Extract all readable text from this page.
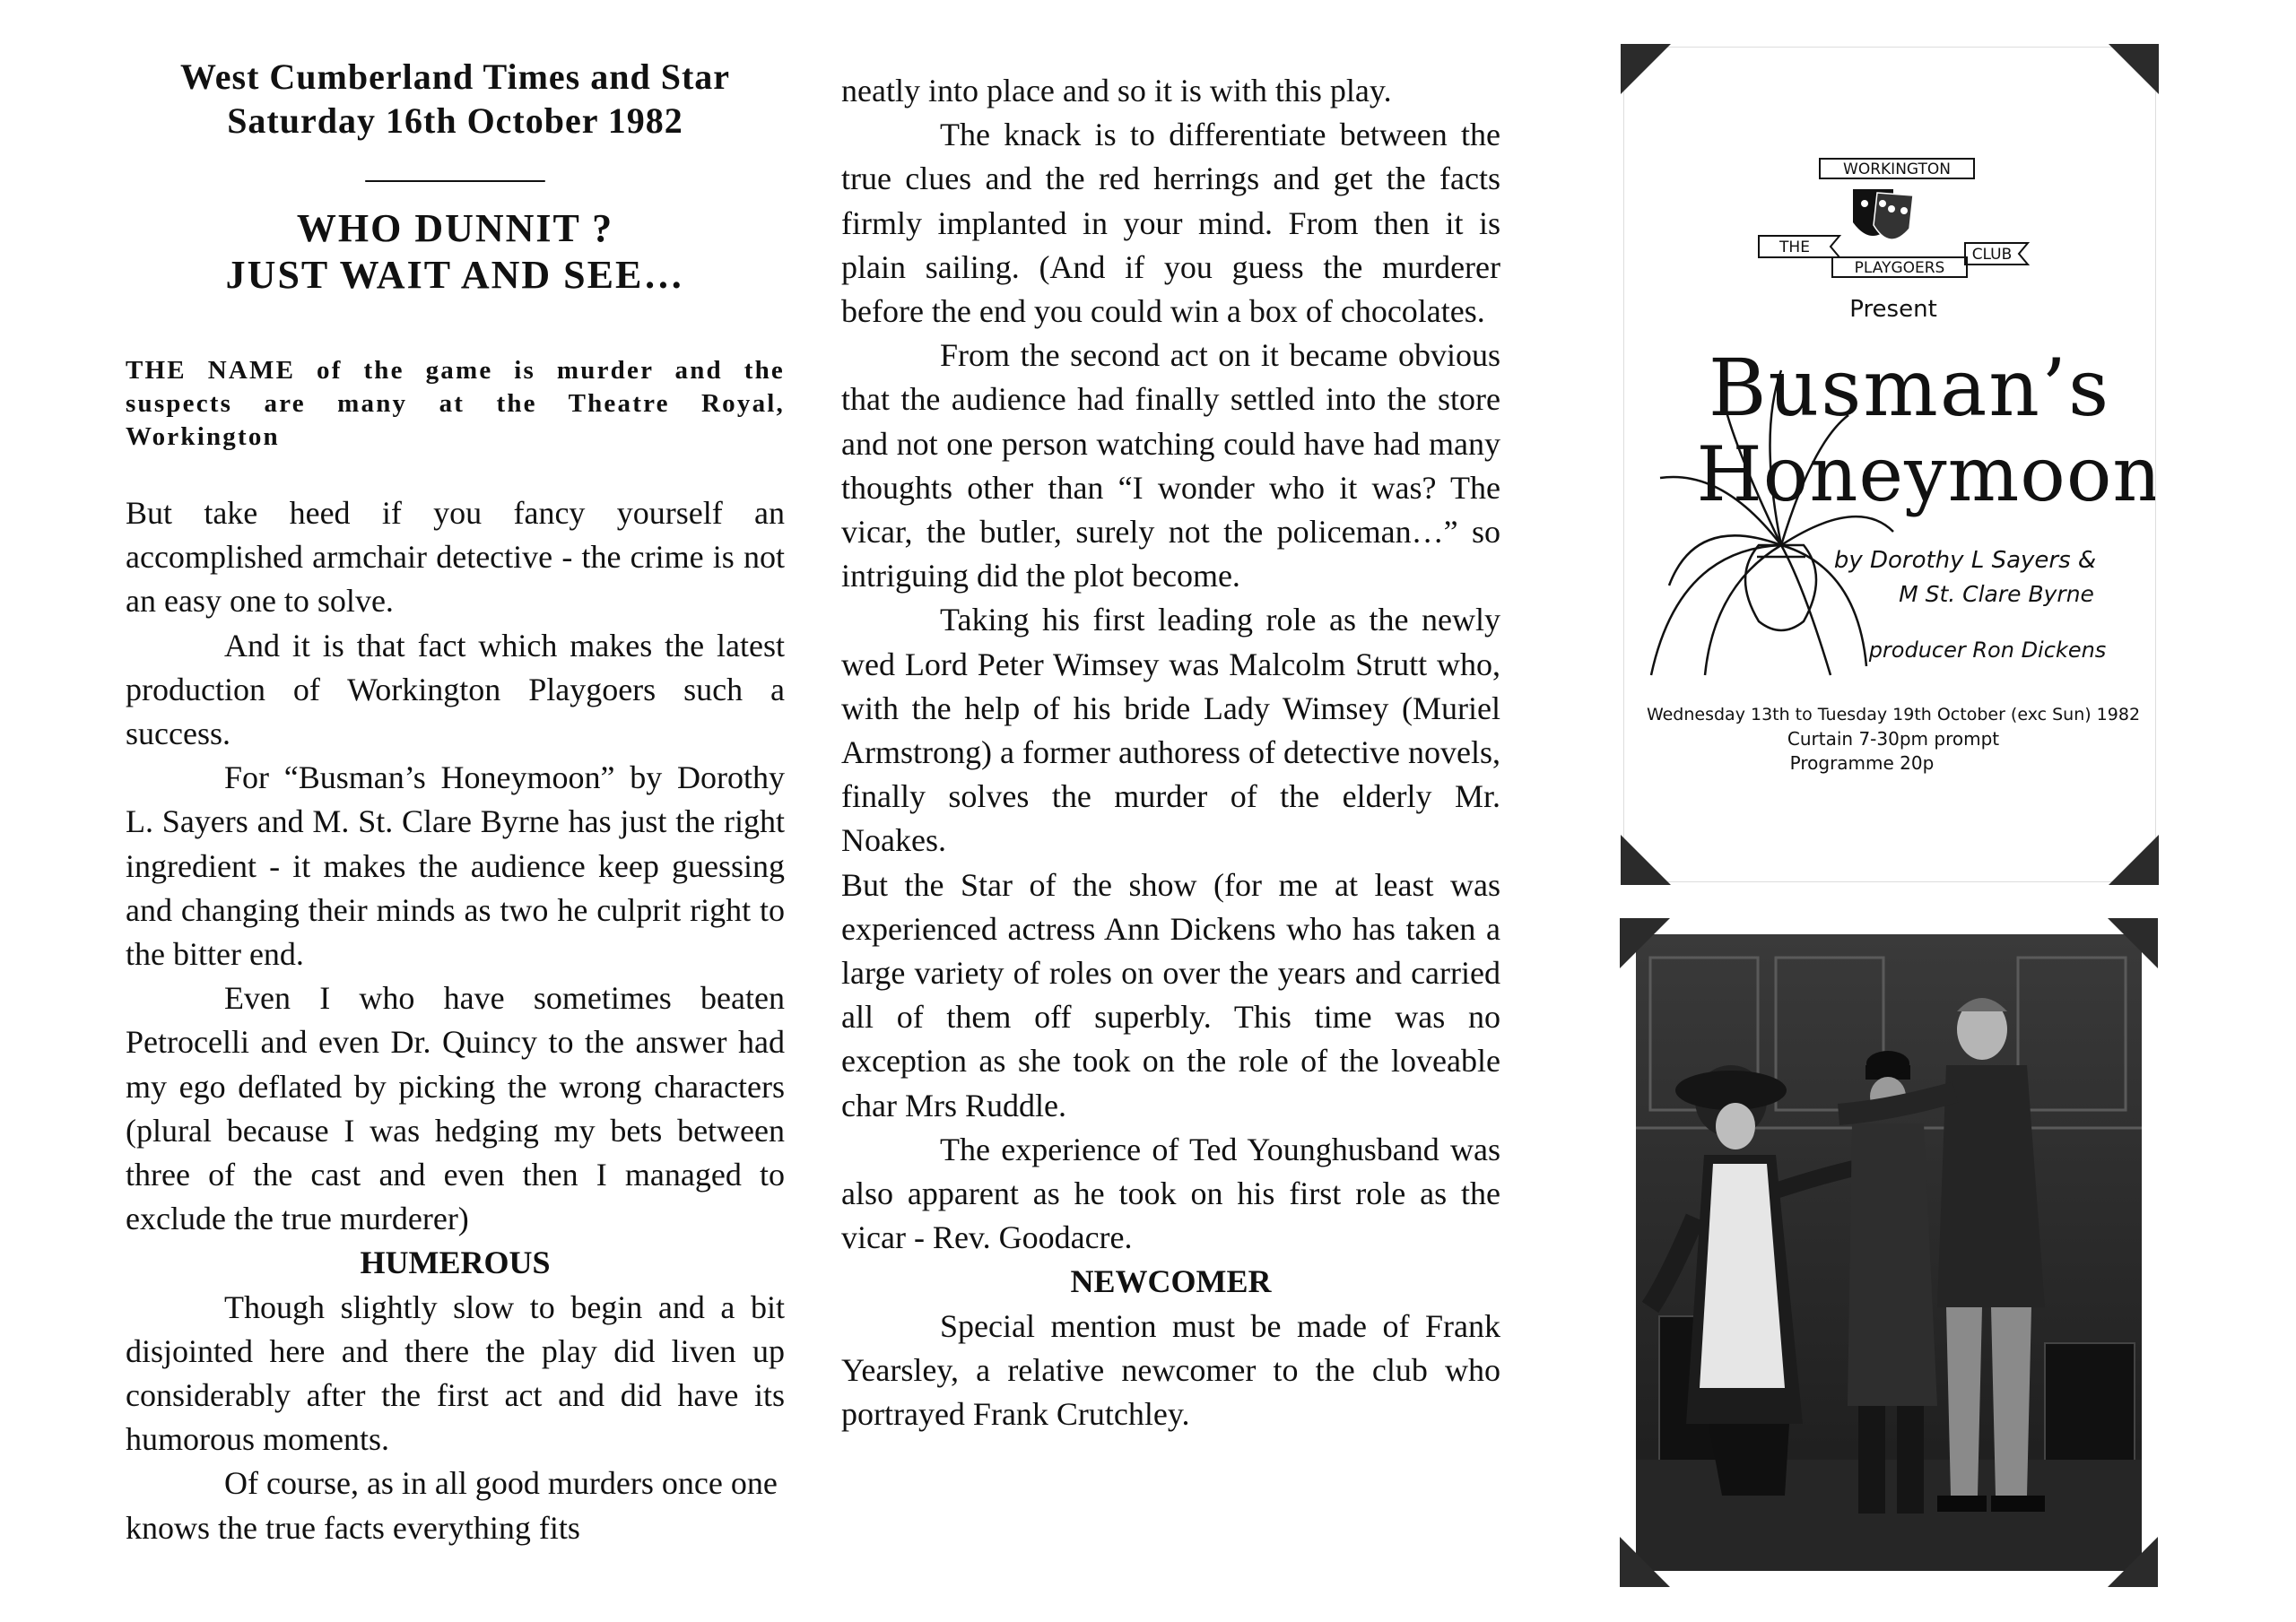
West Cumberland Times and Star
Saturday 16th October 1982
__________
WHO DUNNIT ?
JUST WAIT AND SEE…
THE NAME of the game is murder and the suspects are many at the Theatre Royal, Workington

But take heed if you fancy yourself an accomplished armchair detective - the crime is not an easy one to solve.

And it is that fact which makes the latest production of Workington Playgoers such a success.

For “Busman’s Honeymoon” by Dorothy L. Sayers and M. St. Clare Byrne has just the right ingredient - it makes the audience keep guessing and changing their minds as two he culprit right to the bitter end.

Even I who have sometimes beaten Petrocelli and even Dr. Quincy to the answer had my ego deflated by picking the wrong characters (plural because I was hedging my bets between three of the cast and even then I managed to exclude the true murderer)

HUMEROUS

Though slightly slow to begin and a bit disjointed here and there the play did liven up considerably after the first act and did have its humorous moments.

Of course, as in all good murders once one knows the true facts everything fits

neatly into place and so it is with this play.

The knack is to differentiate between the true clues and the red herrings and get the facts firmly implanted in your mind. From then it is plain sailing. (And if you guess the murderer before the end you could win a box of chocolates.

From the second act on it became obvious that the audience had finally settled into the store and not one person watching could have had many thoughts other than “I wonder who it was? The vicar, the butler, surely not the policeman…” so intriguing did the plot become.

Taking his first leading role as the newly wed Lord Peter Wimsey was Malcolm Strutt who, with the help of his bride Lady Wimsey (Muriel Armstrong) a former authoress of detective novels, finally solves the murder of the elderly Mr. Noakes.

But the Star of the show (for me at least was experienced actress Ann Dickens who has taken a large variety of roles on over the years and carried all of them off superbly. This time was no exception as she took on the role of the loveable char Mrs Ruddle.

The experience of Ted Younghusband was also apparent as he took on his first role as the vicar - Rev. Goodacre.

NEWCOMER

Special mention must be made of Frank Yearsley, a relative newcomer to the club who portrayed Frank Crutchley.

WORKINGTON
THE	CLUB
PLAYGOERS
Present
Busman’s
Honeymoon
by Dorothy L Sayers &
M St. Clare Byrne
producer Ron Dickens
Wednesday 13th to Tuesday 19th October (exc Sun) 1982
Curtain 7-30pm prompt
Programme 20p
